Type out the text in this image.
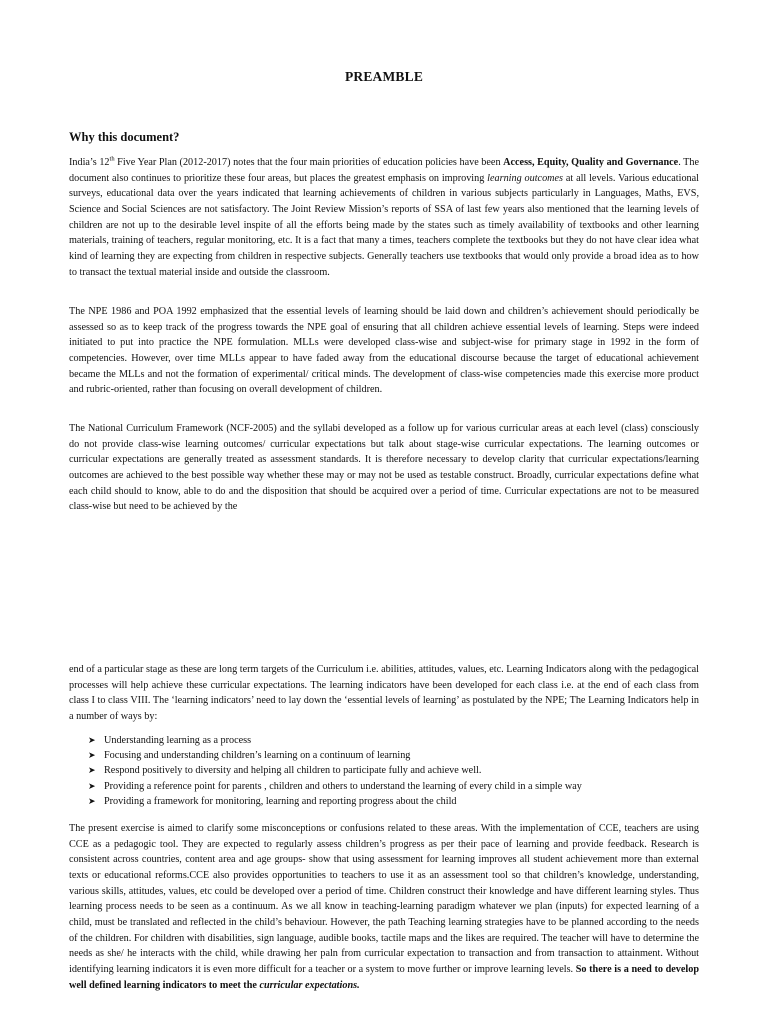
PREAMBLE
Why this document?

India’s 12th Five Year Plan (2012-2017) notes that the four main priorities of education policies have been Access, Equity, Quality and Governance. The document also continues to prioritize these four areas, but places the greatest emphasis on improving learning outcomes at all levels. Various educational surveys, educational data over the years indicated that learning achievements of children in various subjects particularly in Languages, Maths, EVS, Science and Social Sciences are not satisfactory. The Joint Review Mission’s reports of SSA of last few years also mentioned that the learning levels of children are not up to the desirable level inspite of all the efforts being made by the states such as timely availability of textbooks and other learning materials, training of teachers, regular monitoring, etc. It is a fact that many a times, teachers complete the textbooks but they do not have clear idea what kind of learning they are expecting from children in respective subjects. Generally teachers use textbooks that would only provide a broad idea as to how to transact the textual material inside and outside the classroom.

The NPE 1986 and POA 1992 emphasized that the essential levels of learning should be laid down and children’s achievement should periodically be assessed so as to keep track of the progress towards the NPE goal of ensuring that all children achieve essential levels of learning. Steps were indeed initiated to put into practice the NPE formulation. MLLs were developed class-wise and subject-wise for primary stage in 1992 in the form of competencies. However, over time MLLs appear to have faded away from the educational discourse because the target of educational achievement became the MLLs and not the formation of experimental/ critical minds. The development of class-wise competencies made this exercise more product and rubric-oriented, rather than focusing on overall development of children.

The National Curriculum Framework (NCF-2005) and the syllabi developed as a follow up for various curricular areas at each level (class) consciously do not provide class-wise learning outcomes/ curricular expectations but talk about stage-wise curricular expectations. The learning outcomes or curricular expectations are generally treated as assessment standards. It is therefore necessary to develop clarity that curricular expectations/learning outcomes are achieved to the best possible way whether these may or may not be used as testable construct. Broadly, curricular expectations define what each child should to know, able to do and the disposition that should be acquired over a period of time. Curricular expectations are not to be measured class-wise but need to be achieved by the

end of a particular stage as these are long term targets of the Curriculum i.e. abilities, attitudes, values, etc. Learning Indicators along with the pedagogical processes will help achieve these curricular expectations. The learning indicators have been developed for each class i.e. at the end of each class from class I to class VIII. The ‘learning indicators’ need to lay down the ‘essential levels of learning’ as postulated by the NPE; The Learning Indicators help in a number of ways by:

➤ Understanding learning as a process
➤ Focusing and understanding children’s learning on a continuum of learning
➤ Respond positively to diversity and helping all children to participate fully and achieve well.
➤ Providing a reference point for parents , children and others to understand the learning of every child in a simple way
➤ Providing a framework for monitoring, learning and reporting progress about the child

The present exercise is aimed to clarify some misconceptions or confusions related to these areas. With the implementation of CCE, teachers are using CCE as a pedagogic tool. They are expected to regularly assess children’s progress as per their pace of learning and provide feedback. Research is consistent across countries, content area and age groups- show that using assessment for learning improves all student achievement more than external texts or educational reforms.CCE also provides opportunities to teachers to use it as an assessment tool so that children’s knowledge, understanding, various skills, attitudes, values, etc could be developed over a period of time. Children construct their knowledge and have different learning styles. Thus learning process needs to be seen as a continuum. As we all know in teaching-learning paradigm whatever we plan (inputs) for expected learning of a child, must be translated and reflected in the child’s behaviour. However, the path Teaching learning strategies have to be planned according to the needs of the children. For children with disabilities, sign language, audible books, tactile maps and the likes are required. The teacher will have to determine the needs as she/ he interacts with the child, while drawing her paln from curricular expectation to transaction and from transaction to attainment. Without identifying learning indicators it is even more difficult for a teacher or a system to move further or improve learning levels. So there is a need to develop well defined learning indicators to meet the curricular expectations.
